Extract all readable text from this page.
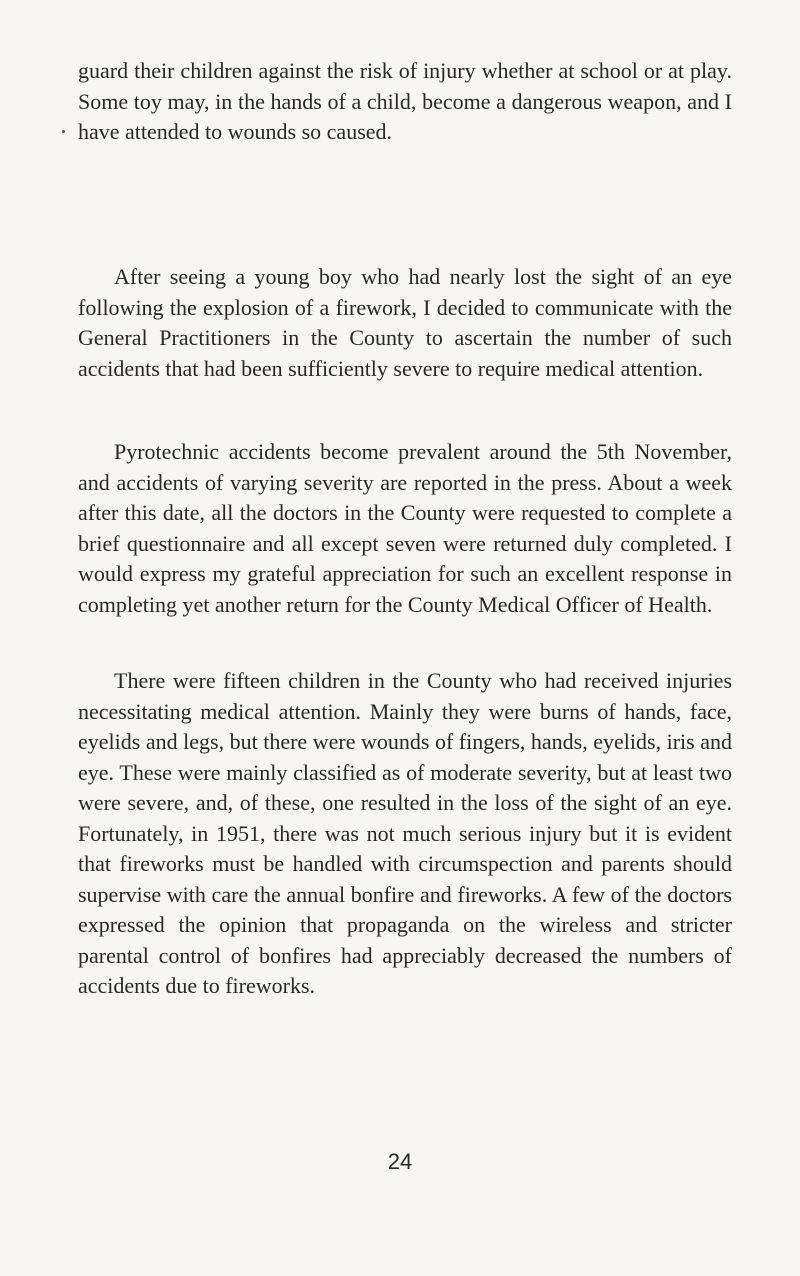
guard their children against the risk of injury whether at school or at play. Some toy may, in the hands of a child, become a dangerous weapon, and I have attended to wounds so caused.

After seeing a young boy who had nearly lost the sight of an eye following the explosion of a firework, I decided to communicate with the General Practitioners in the County to ascertain the number of such accidents that had been sufficiently severe to require medical attention.

Pyrotechnic accidents become prevalent around the 5th November, and accidents of varying severity are reported in the press. About a week after this date, all the doctors in the County were requested to complete a brief questionnaire and all except seven were returned duly completed. I would express my grateful appreciation for such an excellent response in completing yet another return for the County Medical Officer of Health.

There were fifteen children in the County who had received injuries necessitating medical attention. Mainly they were burns of hands, face, eyelids and legs, but there were wounds of fingers, hands, eyelids, iris and eye. These were mainly classified as of moderate severity, but at least two were severe, and, of these, one resulted in the loss of the sight of an eye. Fortunately, in 1951, there was not much serious injury but it is evident that fireworks must be handled with circumspection and parents should supervise with care the annual bonfire and fireworks. A few of the doctors expressed the opinion that propaganda on the wireless and stricter parental control of bonfires had appreciably decreased the numbers of accidents due to fireworks.

24
